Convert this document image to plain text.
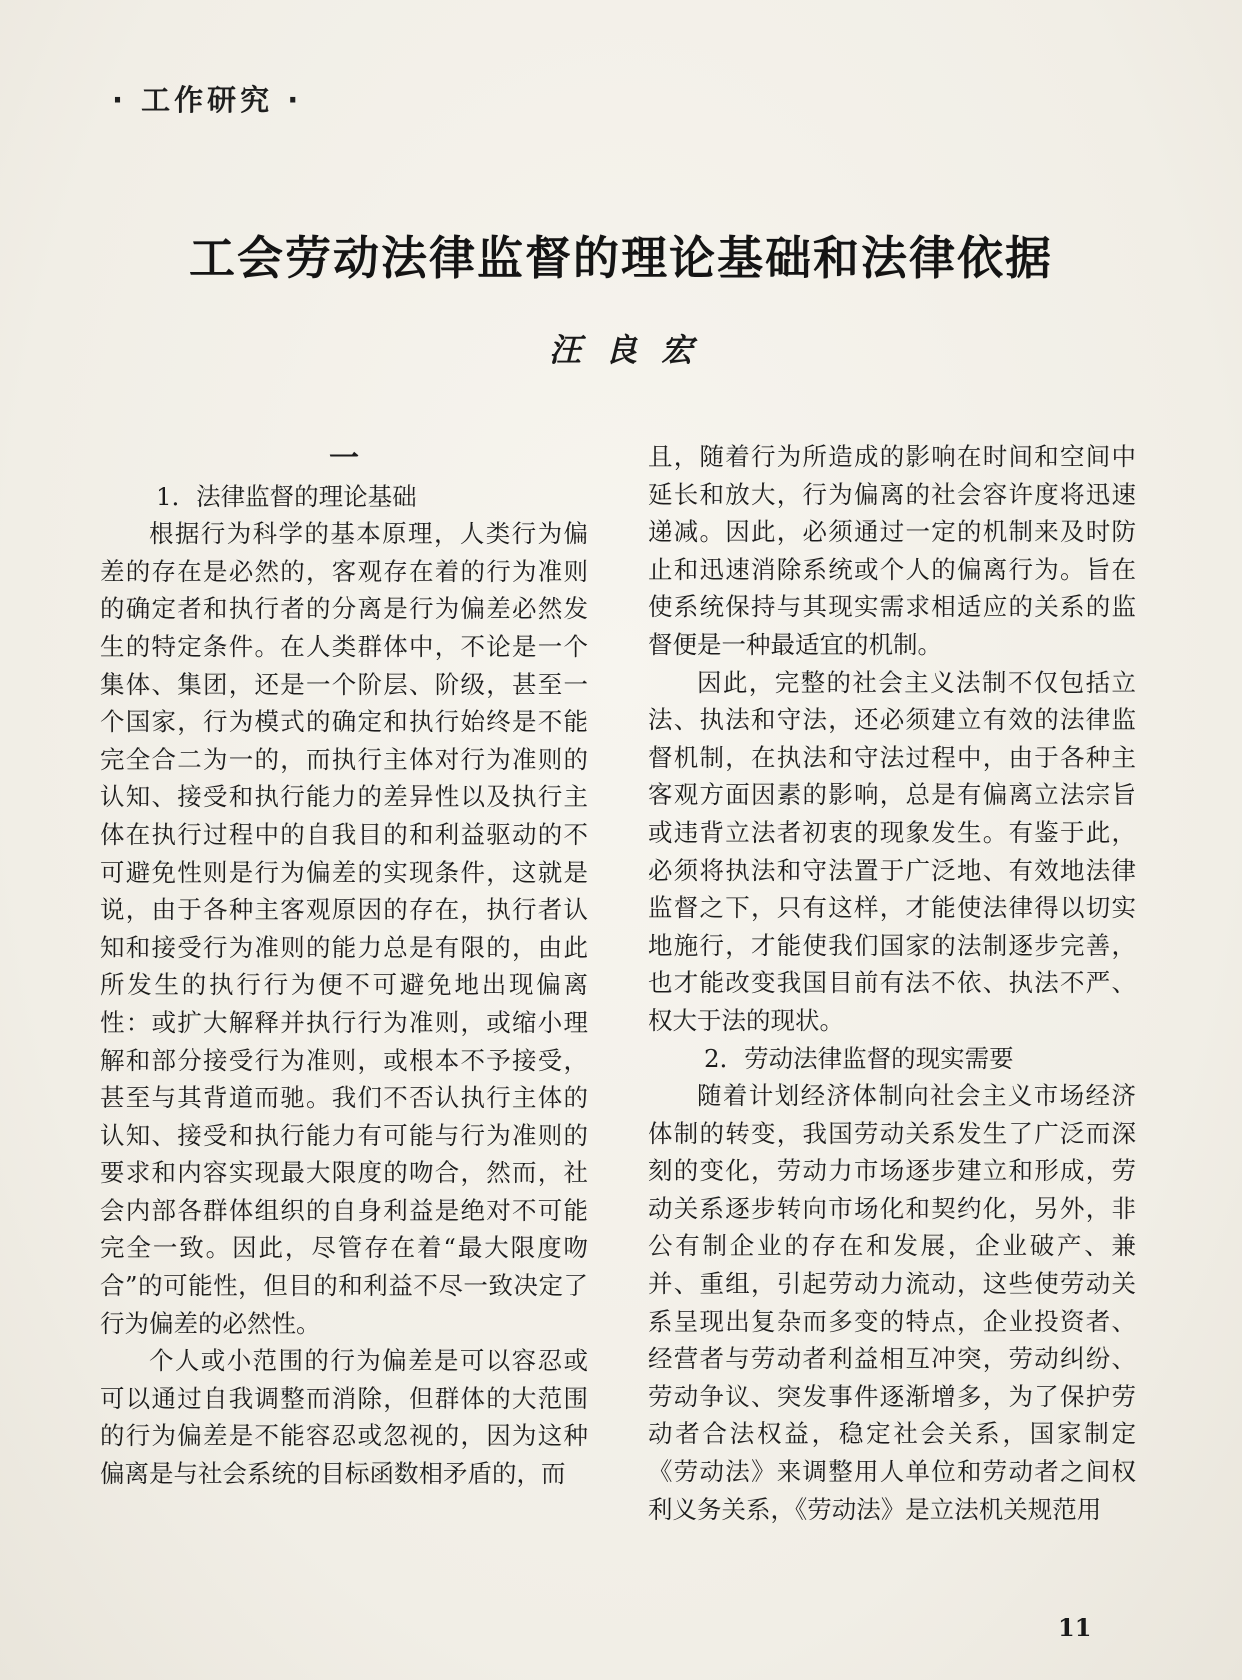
· 工作研究 ·
工会劳动法律监督的理论基础和法律依据
汪良宏

一

1．法律监督的理论基础

根据行为科学的基本原理，人类行为偏差的存在是必然的，客观存在着的行为准则的确定者和执行者的分离是行为偏差必然发生的特定条件。在人类群体中，不论是一个集体、集团，还是一个阶层、阶级，甚至一个国家，行为模式的确定和执行始终是不能完全合二为一的，而执行主体对行为准则的认知、接受和执行能力的差异性以及执行主体在执行过程中的自我目的和利益驱动的不可避免性则是行为偏差的实现条件，这就是说，由于各种主客观原因的存在，执行者认知和接受行为准则的能力总是有限的，由此所发生的执行行为便不可避免地出现偏离性：或扩大解释并执行行为准则，或缩小理解和部分接受行为准则，或根本不予接受，甚至与其背道而驰。我们不否认执行主体的认知、接受和执行能力有可能与行为准则的要求和内容实现最大限度的吻合，然而，社会内部各群体组织的自身利益是绝对不可能完全一致。因此，尽管存在着“最大限度吻合”的可能性，但目的和利益不尽一致决定了行为偏差的必然性。

个人或小范围的行为偏差是可以容忍或可以通过自我调整而消除，但群体的大范围的行为偏差是不能容忍或忽视的，因为这种偏离是与社会系统的目标函数相矛盾的，而

且，随着行为所造成的影响在时间和空间中延长和放大，行为偏离的社会容许度将迅速递减。因此，必须通过一定的机制来及时防止和迅速消除系统或个人的偏离行为。旨在使系统保持与其现实需求相适应的关系的监督便是一种最适宜的机制。

因此，完整的社会主义法制不仅包括立法、执法和守法，还必须建立有效的法律监督机制，在执法和守法过程中，由于各种主客观方面因素的影响，总是有偏离立法宗旨或违背立法者初衷的现象发生。有鉴于此，必须将执法和守法置于广泛地、有效地法律监督之下，只有这样，才能使法律得以切实地施行，才能使我们国家的法制逐步完善，也才能改变我国目前有法不依、执法不严、权大于法的现状。

2．劳动法律监督的现实需要

随着计划经济体制向社会主义市场经济体制的转变，我国劳动关系发生了广泛而深刻的变化，劳动力市场逐步建立和形成，劳动关系逐步转向市场化和契约化，另外，非公有制企业的存在和发展，企业破产、兼并、重组，引起劳动力流动，这些使劳动关系呈现出复杂而多变的特点，企业投资者、经营者与劳动者利益相互冲突，劳动纠纷、劳动争议、突发事件逐渐增多，为了保护劳动者合法权益，稳定社会关系，国家制定《劳动法》来调整用人单位和劳动者之间权利义务关系，《劳动法》是立法机关规范用

11
